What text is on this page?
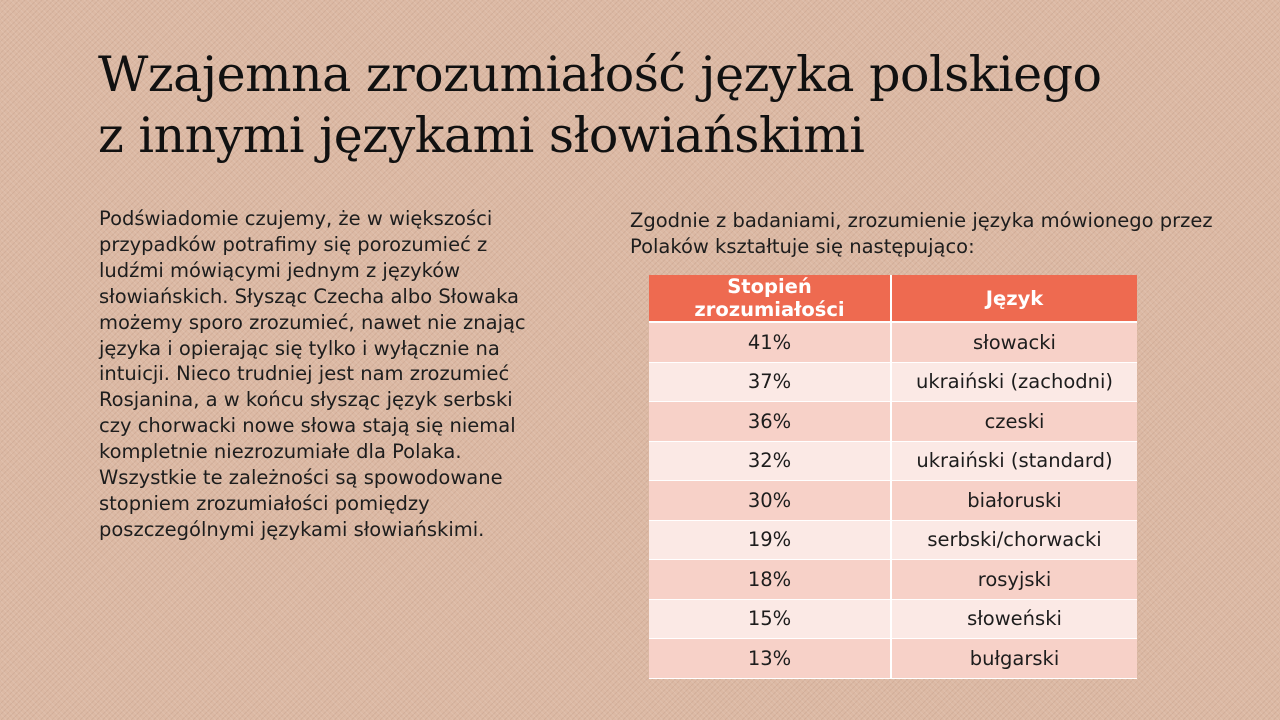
Wzajemna zrozumiałość języka polskiego
z innymi językami słowiańskimi
Podświadomie czujemy, że w większości
przypadków potrafimy się porozumieć z
ludźmi mówiącymi jednym z języków
słowiańskich. Słysząc Czecha albo Słowaka
możemy sporo zrozumieć, nawet nie znając
języka i opierając się tylko i wyłącznie na
intuicji. Nieco trudniej jest nam zrozumieć
Rosjanina, a w końcu słysząc język serbski
czy chorwacki nowe słowa stają się niemal
kompletnie niezrozumiałe dla Polaka.
Wszystkie te zależności są spowodowane
stopniem zrozumiałości pomiędzy
poszczególnymi językami słowiańskimi.
Zgodnie z badaniami, zrozumienie języka mówionego przez
Polaków kształtuje się następująco:
Stopień zrozumiałości	Język
41%	słowacki
37%	ukraiński (zachodni)
36%	czeski
32%	ukraiński (standard)
30%	białoruski
19%	serbski/chorwacki
18%	rosyjski
15%	słoweński
13%	bułgarski
